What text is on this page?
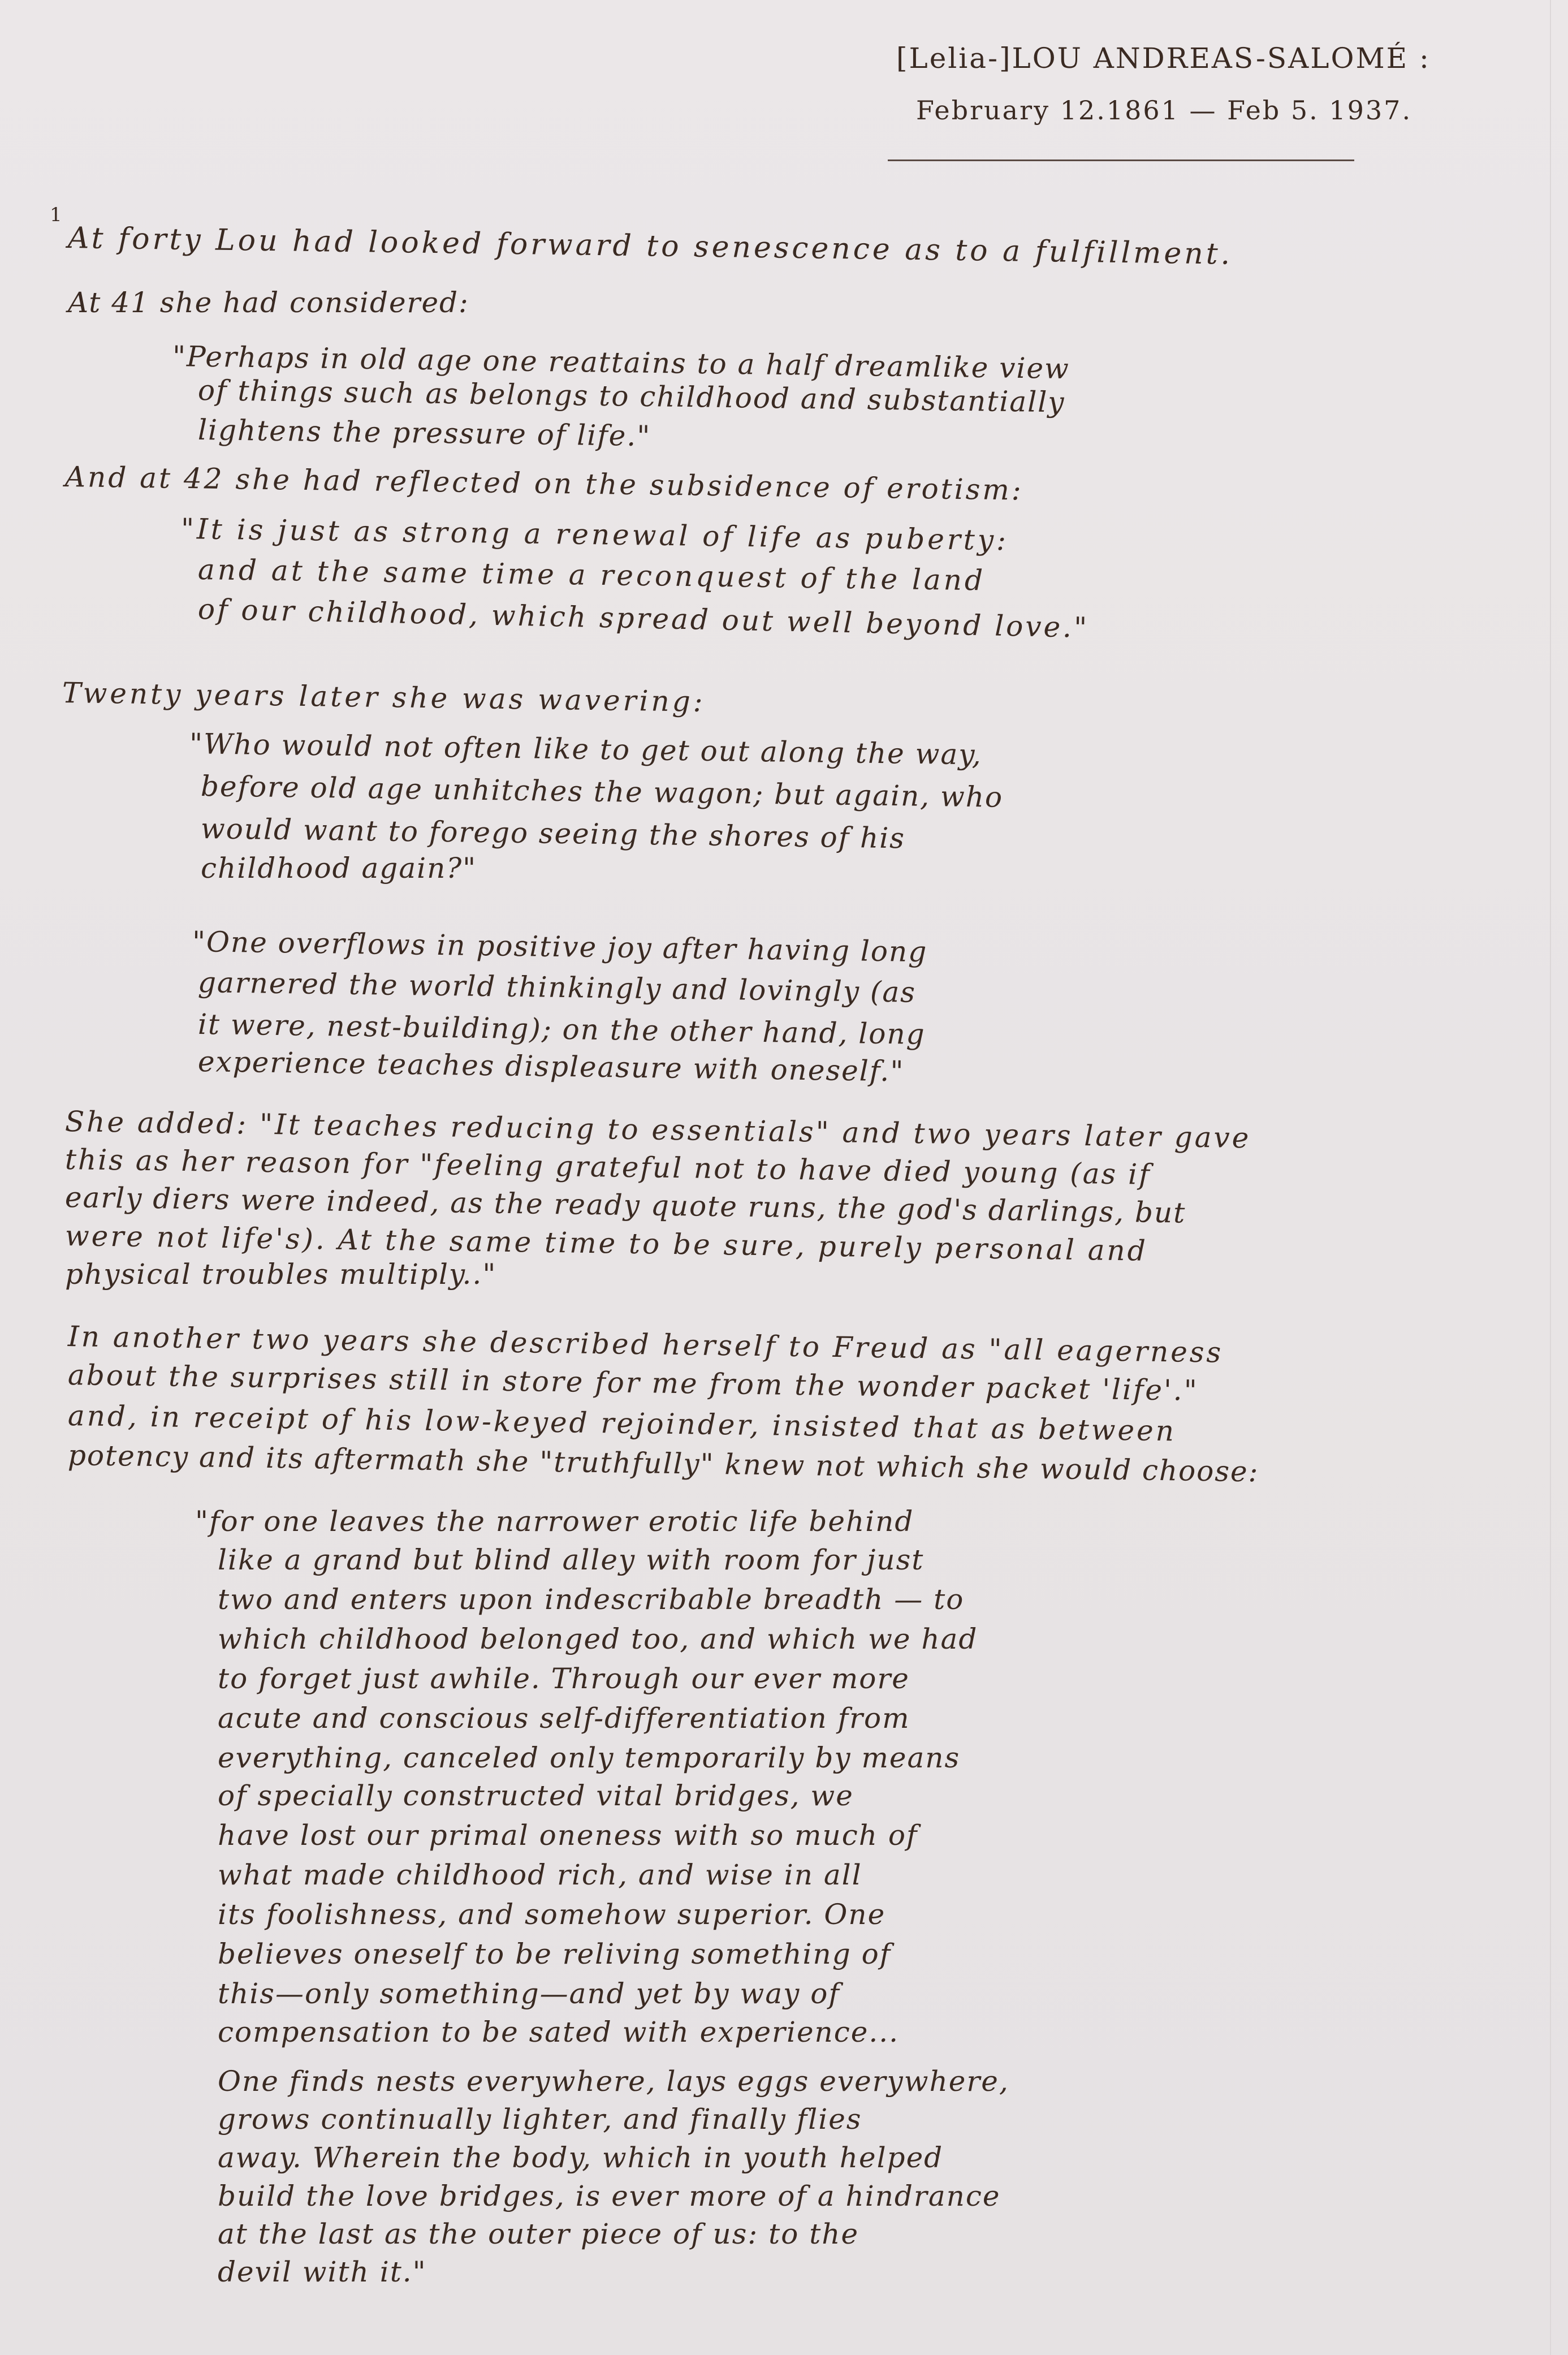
[Lelia-]LOU ANDREAS-SALOMÉ :
February 12.1861 — Feb 5. 1937.
1
At forty Lou had looked forward to senescence as to a fulfillment.
At 41 she had considered:
"Perhaps in old age one reattains to a half dreamlike view
of things such as belongs to childhood and substantially
lightens the pressure of life."
And at 42 she had reflected on the subsidence of erotism:
"It is just as strong a renewal of life as puberty:
and at the same time a reconquest of the land
of our childhood, which spread out well beyond love."
Twenty years later she was wavering:
"Who would not often like to get out along the way,
before old age unhitches the wagon; but again, who
would want to forego seeing the shores of his
childhood again?"
"One overflows in positive joy after having long
garnered the world thinkingly and lovingly (as
it were, nest-building); on the other hand, long
experience teaches displeasure with oneself."
She added: "It teaches reducing to essentials" and two years later gave
this as her reason for "feeling grateful not to have died young (as if
early diers were indeed, as the ready quote runs, the god's darlings, but
were not life's). At the same time to be sure, purely personal and
physical troubles multiply.."
In another two years she described herself to Freud as "all eagerness
about the surprises still in store for me from the wonder packet 'life'."
and, in receipt of his low-keyed rejoinder, insisted that as between
potency and its aftermath she "truthfully" knew not which she would choose:
"for one leaves the narrower erotic life behind
like a grand but blind alley with room for just
two and enters upon indescribable breadth — to
which childhood belonged too, and which we had
to forget just awhile. Through our ever more
acute and conscious self-differentiation from
everything, canceled only temporarily by means
of specially constructed vital bridges, we
have lost our primal oneness with so much of
what made childhood rich, and wise in all
its foolishness, and somehow superior. One
believes oneself to be reliving something of
this—only something—and yet by way of
compensation to be sated with experience...
One finds nests everywhere, lays eggs everywhere,
grows continually lighter, and finally flies
away. Wherein the body, which in youth helped
build the love bridges, is ever more of a hindrance
at the last as the outer piece of us: to the
devil with it."
